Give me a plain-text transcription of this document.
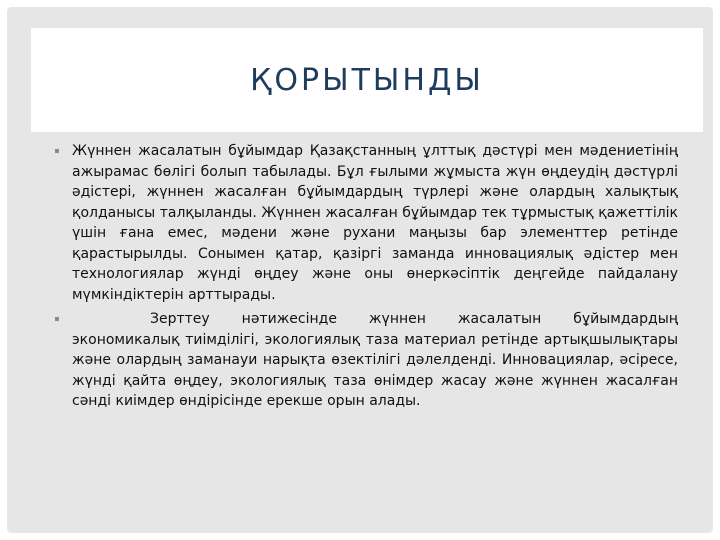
ҚОРЫТЫНДЫ
Жүннен жасалатын бұйымдар Қазақстанның ұлттық дәстүрі мен мәдениетінің ажырамас бөлігі болып табылады. Бұл ғылыми жұмыста жүн өңдеудің дәстүрлі әдістері, жүннен жасалған бұйымдардың түрлері және олардың халықтық қолданысы талқыланды. Жүннен жасалған бұйымдар тек тұрмыстық қажеттілік үшін ғана емес, мәдени және рухани маңызы бар элементтер ретінде қарастырылды. Сонымен қатар, қазіргі заманда инновациялық әдістер мен технологиялар жүнді өңдеу және оны өнеркәсіптік деңгейде пайдалану мүмкіндіктерін арттырады.
Зерттеу нәтижесінде жүннен жасалатын бұйымдардың экономикалық тиімділігі, экологиялық таза материал ретінде артықшылықтары және олардың заманауи нарықта өзектілігі дәлелденді. Инновациялар, әсіресе, жүнді қайта өңдеу, экологиялық таза өнімдер жасау және жүннен жасалған сәнді киімдер өндірісінде ерекше орын алады.
